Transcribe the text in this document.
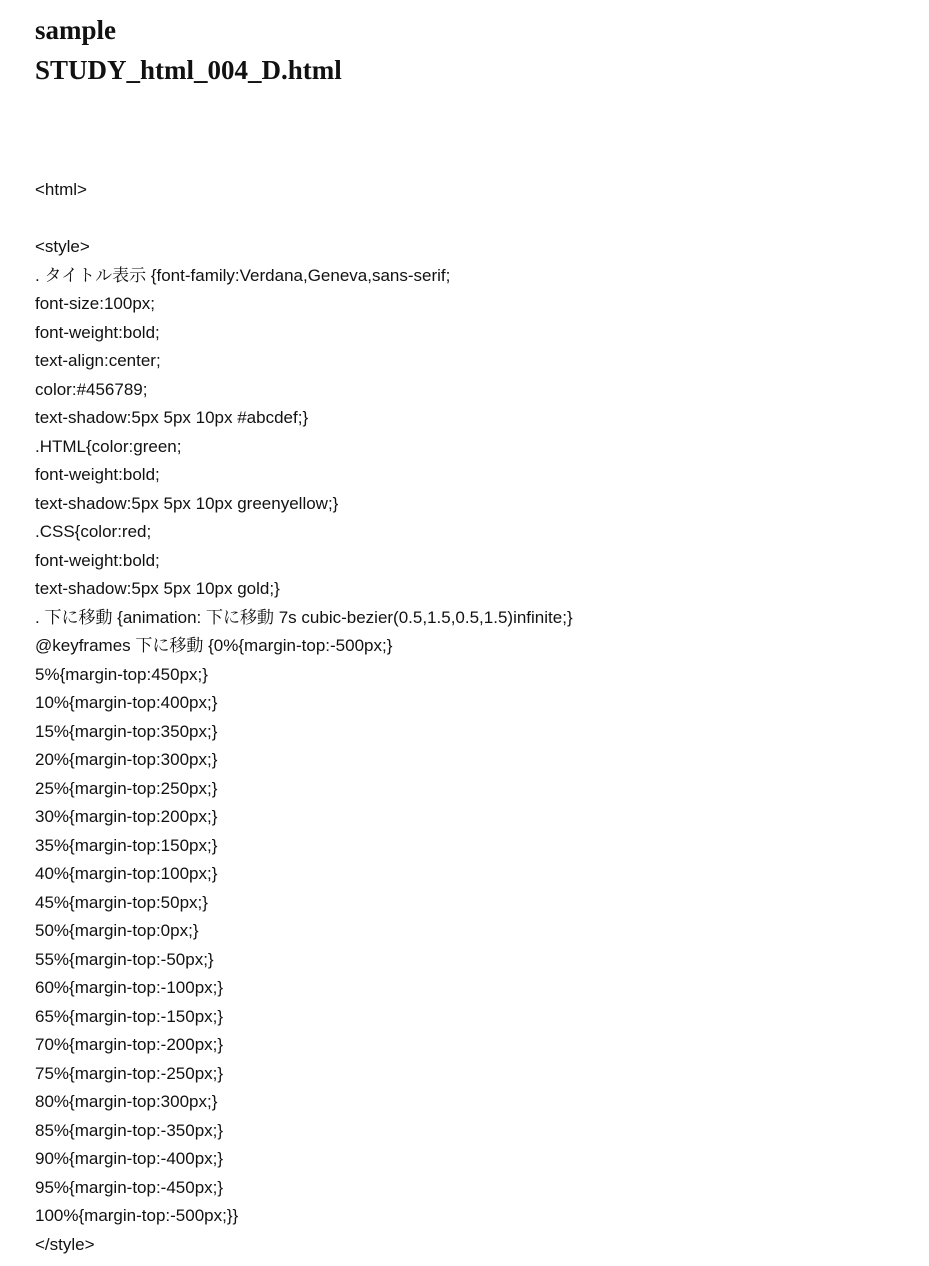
sample
STUDY_html_004_D.html
<html>
<style>
. タイトル表示 {font-family:Verdana,Geneva,sans-serif;
font-size:100px;
font-weight:bold;
text-align:center;
color:#456789;
text-shadow:5px 5px 10px #abcdef;}
.HTML{color:green;
font-weight:bold;
text-shadow:5px 5px 10px greenyellow;}
.CSS{color:red;
font-weight:bold;
text-shadow:5px 5px 10px gold;}
. 下に移動 {animation: 下に移動 7s cubic-bezier(0.5,1.5,0.5,1.5)infinite;}
@keyframes 下に移動 {0%{margin-top:-500px;}
5%{margin-top:450px;}
10%{margin-top:400px;}
15%{margin-top:350px;}
20%{margin-top:300px;}
25%{margin-top:250px;}
30%{margin-top:200px;}
35%{margin-top:150px;}
40%{margin-top:100px;}
45%{margin-top:50px;}
50%{margin-top:0px;}
55%{margin-top:-50px;}
60%{margin-top:-100px;}
65%{margin-top:-150px;}
70%{margin-top:-200px;}
75%{margin-top:-250px;}
80%{margin-top:300px;}
85%{margin-top:-350px;}
90%{margin-top:-400px;}
95%{margin-top:-450px;}
100%{margin-top:-500px;}}
</style>
